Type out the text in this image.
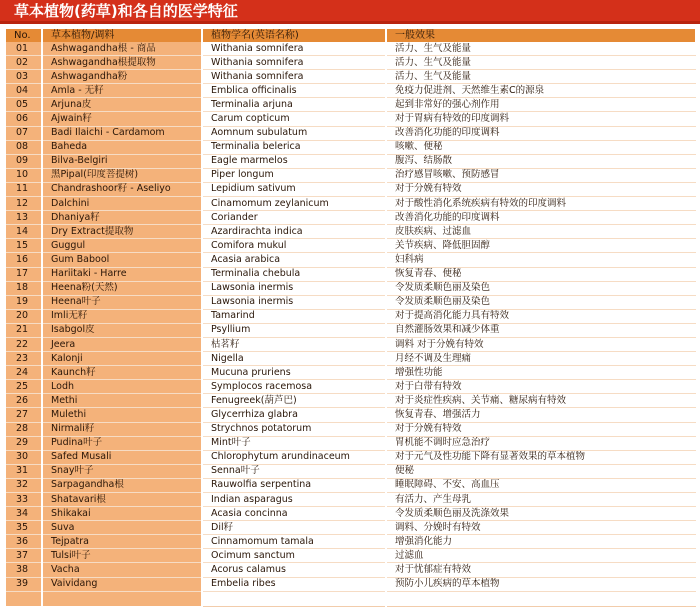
草本植物(药草)和各自的医学特征
No.	草本植物/调料	植物学名(英语名称)	一般效果
01	Ashwagandha根 - 商品	Withania somnifera	活力、生气及能量
02	Ashwagandha根提取物	Withania somnifera	活力、生气及能量
03	Ashwagandha粉	Withania somnifera	活力、生气及能量
04	Amla - 无籽	Emblica officinalis	免疫力促进剂、天然维生素C的源泉
05	Arjuna皮	Terminalia arjuna	起到非常好的强心剂作用
06	Ajwain籽	Carum copticum	对于胃病有特效的印度调料
07	Badi Ilaichi - Cardamom	Aomnum subulatum	改善消化功能的印度调料
08	Baheda	Terminalia belerica	咳嗽、便秘
09	Bilva-Belgiri	Eagle marmelos	腹泻、结肠散
10	黑Pipal(印度菩提树)	Piper longum	治疗感冒咳嗽、预防感冒
11	Chandrashoor籽 - Aseliyo	Lepidium sativum	对于分娩有特效
12	Dalchini	Cinamomum zeylanicum	对于酸性消化系统疾病有特效的印度调料
13	Dhaniya籽	Coriander	改善消化功能的印度调料
14	Dry Extract提取物	Azardirachta indica	皮肤疾病、过滤血
15	Guggul	Comifora mukul	关节疾病、降低胆固醇
16	Gum Babool	Acasia arabica	妇科病
17	Hariitaki - Harre	Terminalia chebula	恢复青春、便秘
18	Heena粉(天然)	Lawsonia inermis	令发质柔顺色丽及染色
19	Heena叶子	Lawsonia inermis	令发质柔顺色丽及染色
20	Imli无籽	Tamarind	对于提高消化能力具有特效
21	Isabgol皮	Psyllium	自然灌肠效果和减少体重
22	Jeera	枯茗籽	调料 对于分娩有特效
23	Kalonji	Nigella	月经不调及生理痛
24	Kaunch籽	Mucuna pruriens	增强性功能
25	Lodh	Symplocos racemosa	对于白带有特效
26	Methi	Fenugreek(葫芦巴)	对于炎症性疾病、关节痛、糖尿病有特效
27	Mulethi	Glycerrhiza glabra	恢复青春、增强活力
28	Nirmali籽	Strychnos potatorum	对于分娩有特效
29	Pudina叶子	Mint叶子	胃机能不调时应急治疗
30	Safed Musali	Chlorophytum arundinaceum	对于元气及性功能下降有显著效果的草本植物
31	Snay叶子	Senna叶子	便秘
32	Sarpagandha根	Rauwolfia serpentina	睡眠障碍、不安、高血压
33	Shatavari根	Indian asparagus	有活力、产生母乳
34	Shikakai	Acasia concinna	令发质柔顺色丽及洗涤效果
35	Suva	Dil籽	调料、分娩时有特效
36	Tejpatra	Cinnamomum tamala	增强消化能力
37	Tulsi叶子	Ocimum sanctum	过滤血
38	Vacha	Acorus calamus	对于忧郁症有特效
39	Vaividang	Embelia ribes	预防小儿疾病的草本植物
